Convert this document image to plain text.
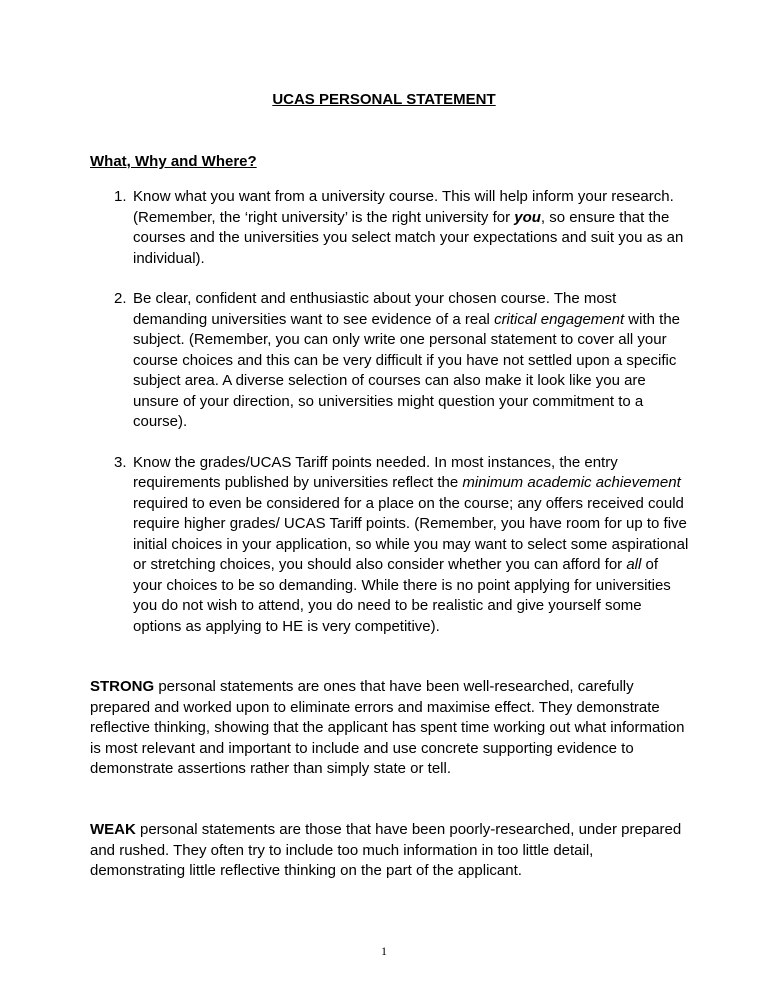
UCAS PERSONAL STATEMENT
What, Why and Where?
1. Know what you want from a university course. This will help inform your research. (Remember, the ‘right university’ is the right university for you, so ensure that the courses and the universities you select match your expectations and suit you as an individual).
2. Be clear, confident and enthusiastic about your chosen course. The most demanding universities want to see evidence of a real critical engagement with the subject. (Remember, you can only write one personal statement to cover all your course choices and this can be very difficult if you have not settled upon a specific subject area. A diverse selection of courses can also make it look like you are unsure of your direction, so universities might question your commitment to a course).
3. Know the grades/UCAS Tariff points needed. In most instances, the entry requirements published by universities reflect the minimum academic achievement required to even be considered for a place on the course; any offers received could require higher grades/ UCAS Tariff points. (Remember, you have room for up to five initial choices in your application, so while you may want to select some aspirational or stretching choices, you should also consider whether you can afford for all of your choices to be so demanding. While there is no point applying for universities you do not wish to attend, you do need to be realistic and give yourself some options as applying to HE is very competitive).

STRONG personal statements are ones that have been well-researched, carefully prepared and worked upon to eliminate errors and maximise effect. They demonstrate reflective thinking, showing that the applicant has spent time working out what information is most relevant and important to include and use concrete supporting evidence to demonstrate assertions rather than simply state or tell.

WEAK personal statements are those that have been poorly-researched, under prepared and rushed. They often try to include too much information in too little detail, demonstrating little reflective thinking on the part of the applicant.

1
